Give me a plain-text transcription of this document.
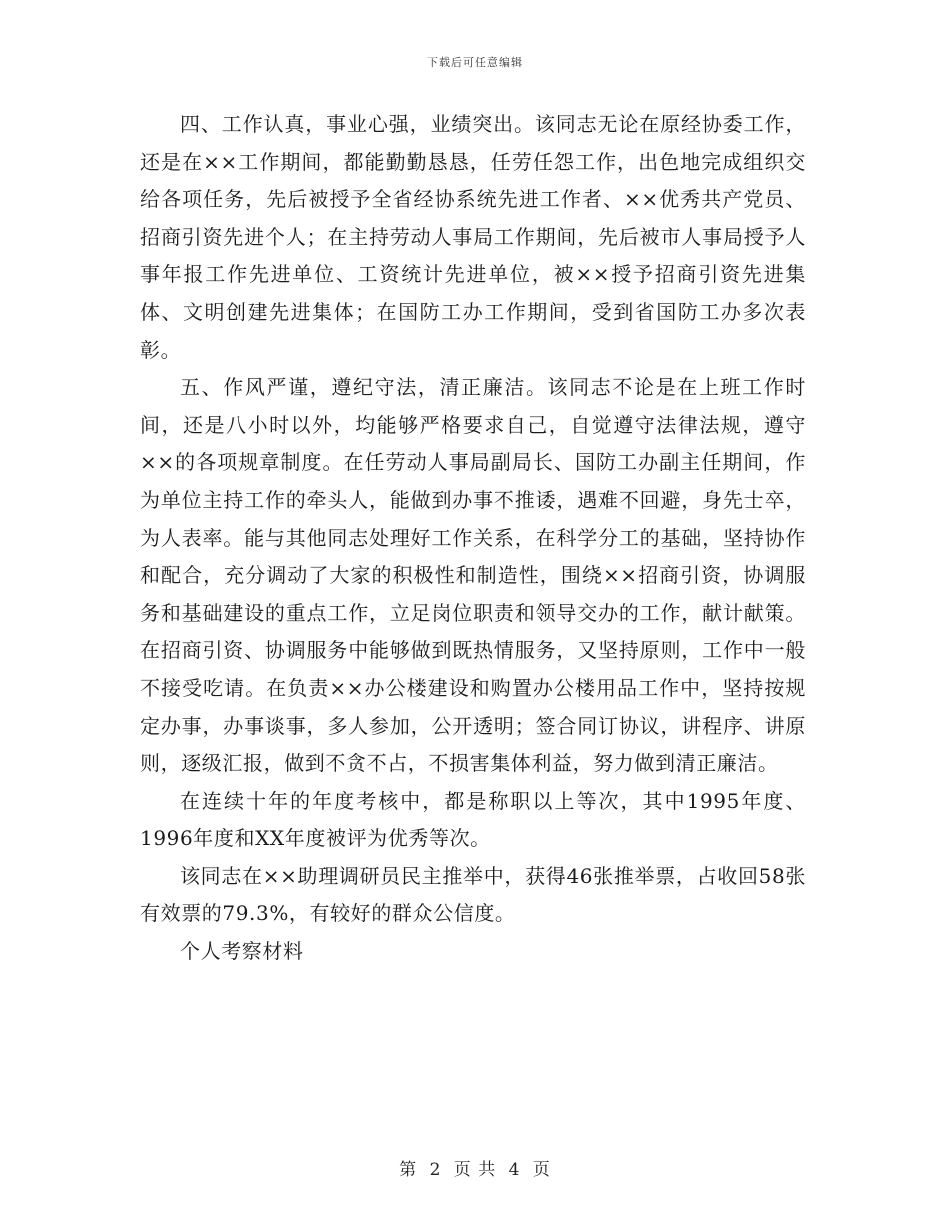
下载后可任意编辑

四、工作认真，事业心强，业绩突出。该同志无论在原经协委工作，还是在××工作期间，都能勤勤恳恳，任劳任怨工作，出色地完成组织交给各项任务，先后被授予全省经协系统先进工作者、××优秀共产党员、招商引资先进个人；在主持劳动人事局工作期间，先后被市人事局授予人事年报工作先进单位、工资统计先进单位，被××授予招商引资先进集体、文明创建先进集体；在国防工办工作期间，受到省国防工办多次表彰。

五、作风严谨，遵纪守法，清正廉洁。该同志不论是在上班工作时间，还是八小时以外，均能够严格要求自己，自觉遵守法律法规，遵守××的各项规章制度。在任劳动人事局副局长、国防工办副主任期间，作为单位主持工作的牵头人，能做到办事不推诿，遇难不回避，身先士卒，为人表率。能与其他同志处理好工作关系，在科学分工的基础，坚持协作和配合，充分调动了大家的积极性和制造性，围绕××招商引资，协调服务和基础建设的重点工作，立足岗位职责和领导交办的工作，献计献策。在招商引资、协调服务中能够做到既热情服务，又坚持原则，工作中一般不接受吃请。在负责××办公楼建设和购置办公楼用品工作中，坚持按规定办事，办事谈事，多人参加，公开透明；签合同订协议，讲程序、讲原则，逐级汇报，做到不贪不占，不损害集体利益，努力做到清正廉洁。

在连续十年的年度考核中，都是称职以上等次，其中1995年度、1996年度和XX年度被评为优秀等次。

该同志在××助理调研员民主推举中，获得46张推举票，占收回58张有效票的79.3%，有较好的群众公信度。

个人考察材料

第 2 页 共 4 页
